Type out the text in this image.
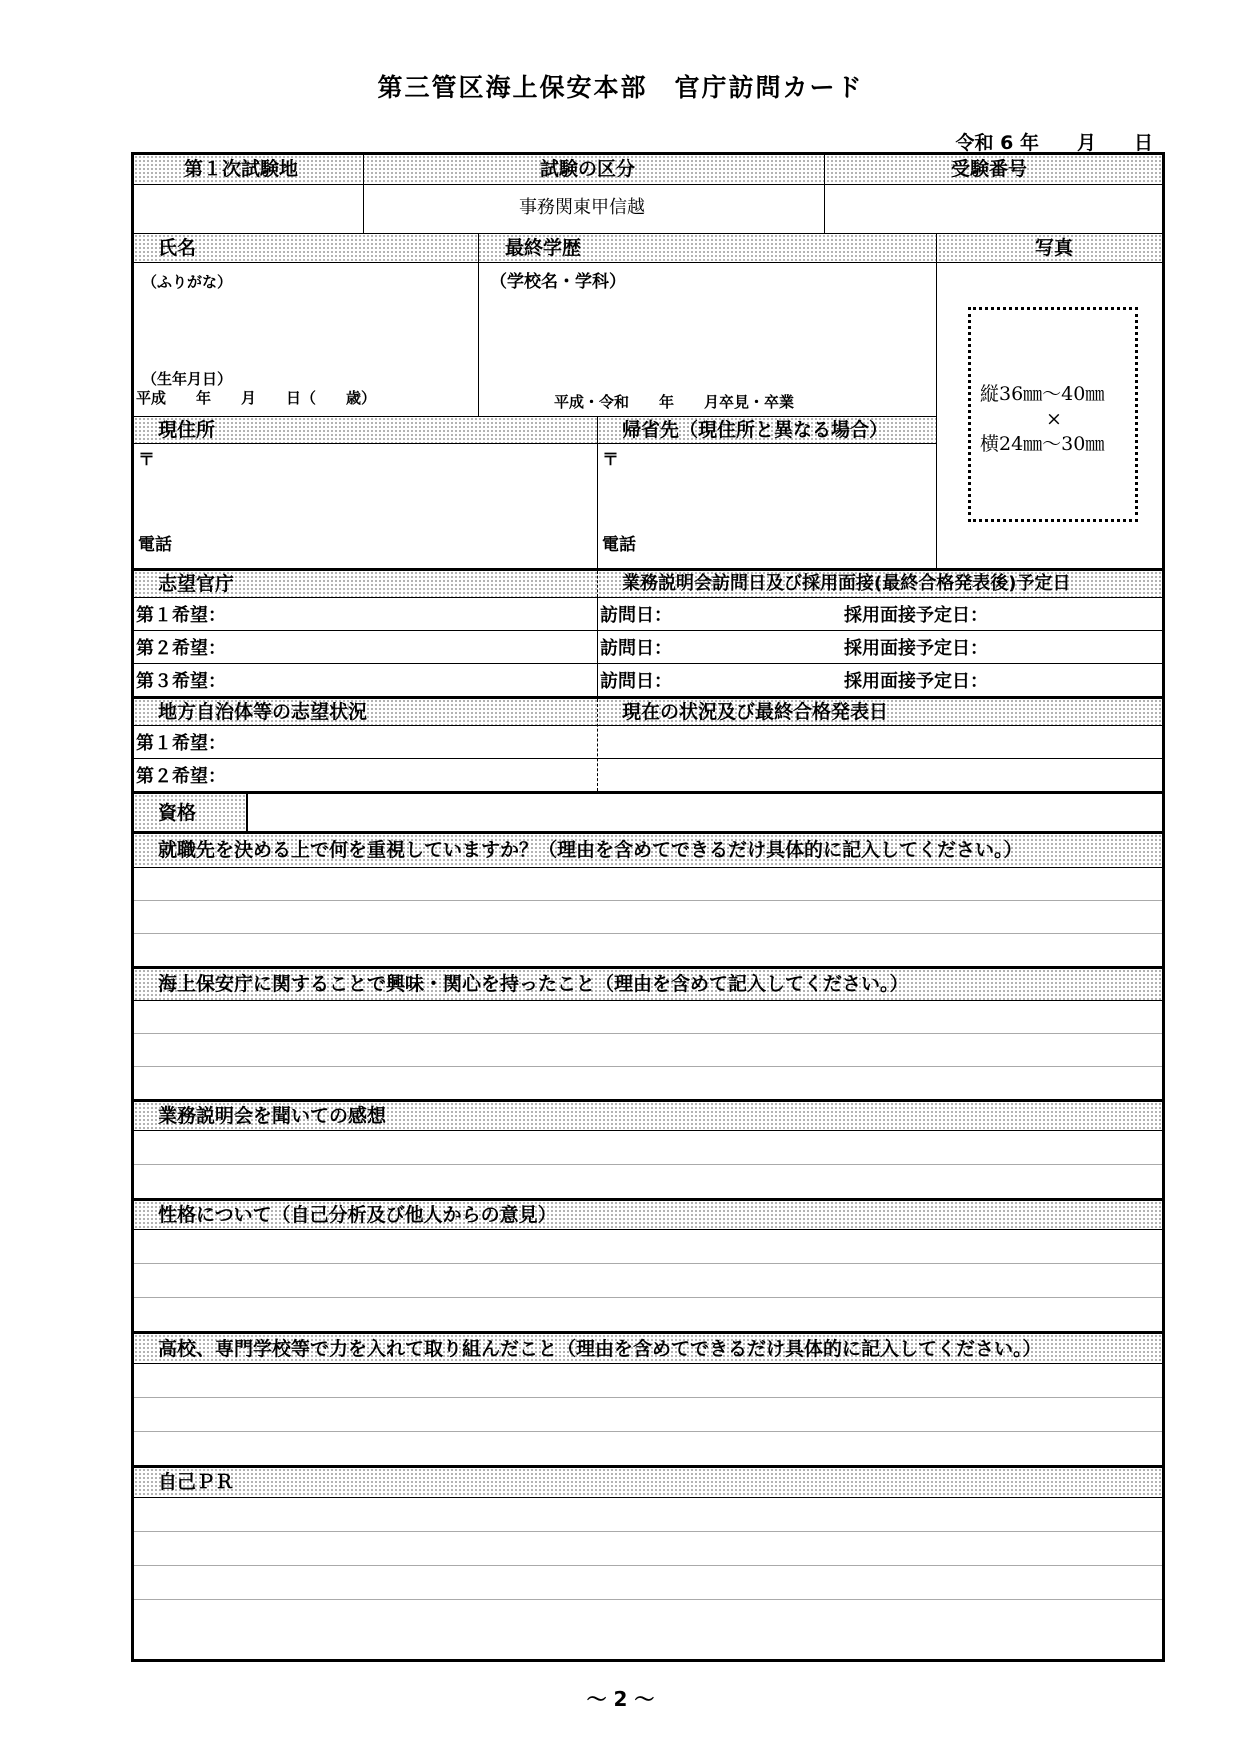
第三管区海上保安本部　官庁訪問カード
令和 6 年　　月　　日
第１次試験地	試験の区分	受験番号
事務関東甲信越
氏名	最終学歴	写真
（ふりがな）
（生年月日）
平成　　年　　月　　日（　　歳）
（学校名・学科）
平成・令和　　年　　月卒見・卒業	縦36㎜～40㎜
×
横24㎜～30㎜
現住所	帰省先（現住所と異なる場合）
〒	〒
電話	電話
志望官庁	業務説明会訪問日及び採用面接(最終合格発表後)予定日
第１希望：	訪問日：	採用面接予定日：
第２希望：	訪問日：	採用面接予定日：
第３希望：	訪問日：	採用面接予定日：
地方自治体等の志望状況	現在の状況及び最終合格発表日
第１希望：
第２希望：
資格
就職先を決める上で何を重視していますか？（理由を含めてできるだけ具体的に記入してください。）
海上保安庁に関することで興味・関心を持ったこと（理由を含めて記入してください。）
業務説明会を聞いての感想
性格について（自己分析及び他人からの意見）
高校、専門学校等で力を入れて取り組んだこと（理由を含めてできるだけ具体的に記入してください。）
自己ＰＲ
～ 2 ～
